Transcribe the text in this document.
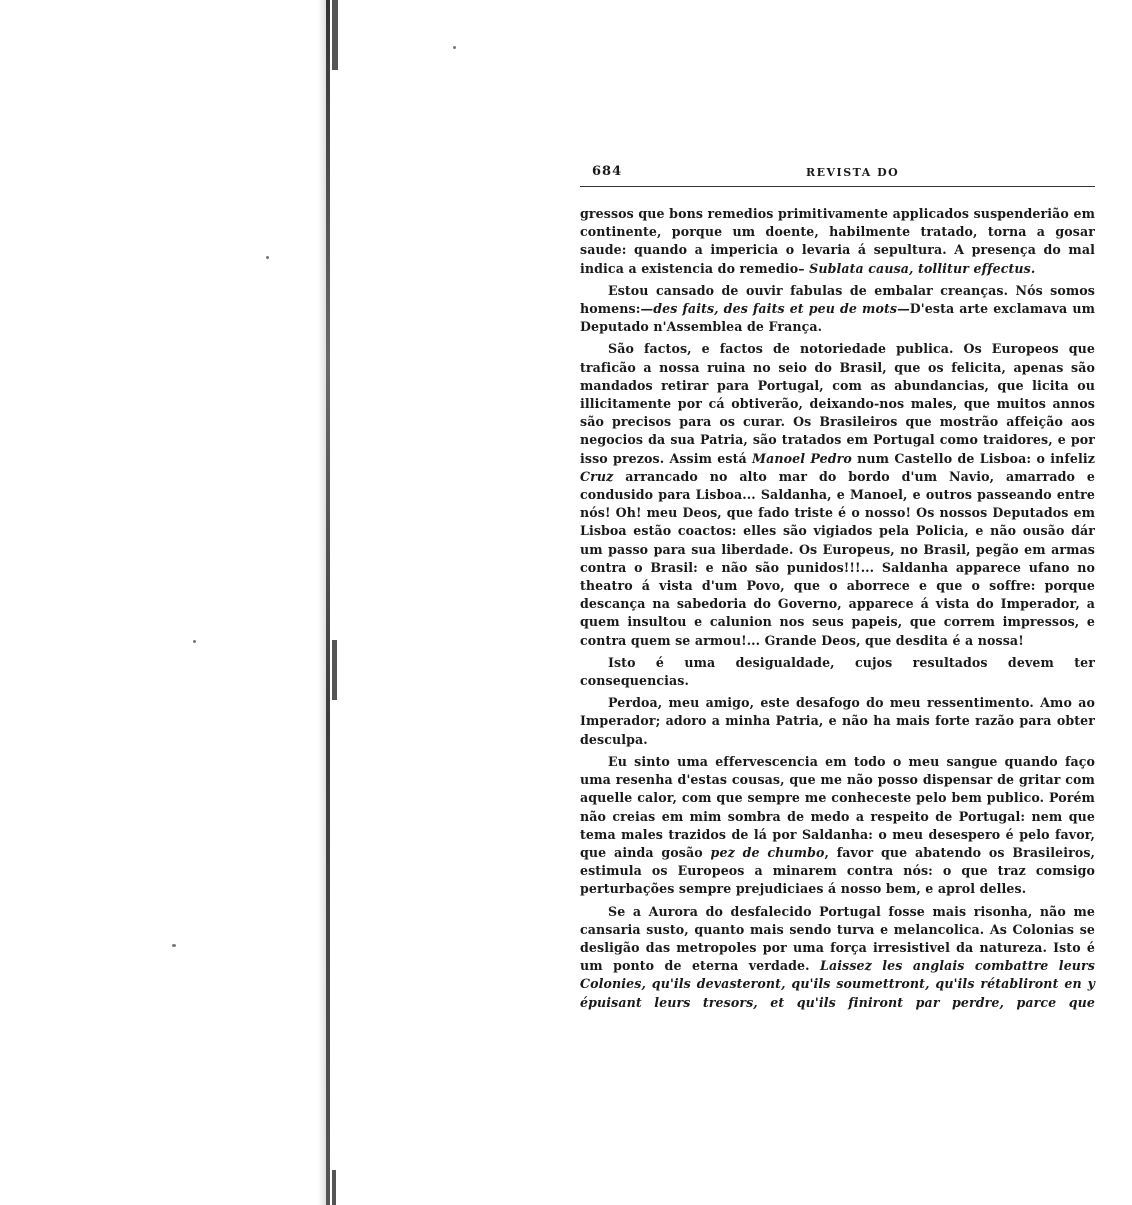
684	REVISTA DO

gressos que bons remedios primitivamente applicados suspenderião em continente, porque um doente, habilmente tratado, torna a gosar saude: quando a impericia o levaria á sepultura. A presença do mal indica a existencia do remedio– Sublata causa, tollitur effectus.

Estou cansado de ouvir fabulas de embalar creanças. Nós somos homens:—des faits, des faits et peu de mots—D'esta arte exclamava um Deputado n'Assemblea de França.

São factos, e factos de notoriedade publica. Os Europeos que traficão a nossa ruina no seio do Brasil, que os felicita, apenas são mandados retirar para Portugal, com as abundancias, que licita ou illicitamente por cá obtiverão, deixando-nos males, que muitos annos são precisos para os curar. Os Brasileiros que mostrão affeição aos negocios da sua Patria, são tratados em Portugal como traidores, e por isso prezos. Assim está Manoel Pedro num Castello de Lisboa: o infeliz Cruz arrancado no alto mar do bordo d'um Navio, amarrado e condusido para Lisboa... Saldanha, e Manoel, e outros passeando entre nós! Oh! meu Deos, que fado triste é o nosso! Os nossos Deputados em Lisboa estão coactos: elles são vigiados pela Policia, e não ousão dár um passo para sua liberdade. Os Europeus, no Brasil, pegão em armas contra o Brasil: e não são punidos!!!... Saldanha apparece ufano no theatro á vista d'um Povo, que o aborrece e que o soffre: porque descança na sabedoria do Governo, apparece á vista do Imperador, a quem insultou e calunion nos seus papeis, que correm impressos, e contra quem se armou!... Grande Deos, que desdita é a nossa!

Isto é uma desigualdade, cujos resultados devem ter consequencias.

Perdoa, meu amigo, este desafogo do meu ressentimento. Amo ao Imperador; adoro a minha Patria, e não ha mais forte razão para obter desculpa.

Eu sinto uma effervescencia em todo o meu sangue quando faço uma resenha d'estas cousas, que me não posso dispensar de gritar com aquelle calor, com que sempre me conheceste pelo bem publico. Porém não creias em mim sombra de medo a respeito de Portugal: nem que tema males trazidos de lá por Saldanha: o meu desespero é pelo favor, que ainda gosão pez de chumbo, favor que abatendo os Brasileiros, estimula os Europeos a minarem contra nós: o que traz comsigo perturbações sempre prejudiciaes á nosso bem, e aprol delles.

Se a Aurora do desfalecido Portugal fosse mais risonha, não me cansaria susto, quanto mais sendo turva e melancolica. As Colonias se desligão das metropoles por uma força irresistivel da natureza. Isto é um ponto de eterna verdade. Laissez les anglais combattre leurs Colonies, qu'ils devasteront, qu'ils soumettront, qu'ils rétabliront en y épuisant leurs tresors, et qu'ils finiront par perdre, parce que
